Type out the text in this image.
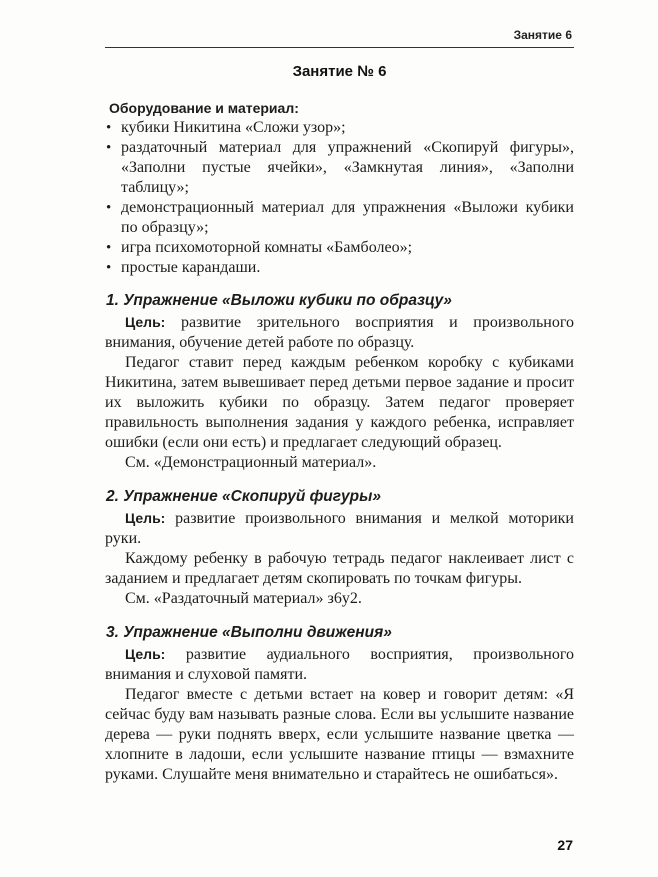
Занятие 6
Занятие № 6
Оборудование и материал:
• кубики Никитина «Сложи узор»;
• раздаточный материал для упражнений «Скопируй фигуры», «Заполни пустые ячейки», «Замкнутая линия», «Заполни таблицу»;
• демонстрационный материал для упражнения «Выложи кубики по образцу»;
• игра психомоторной комнаты «Бамболео»;
• простые карандаши.
1. Упражнение «Выложи кубики по образцу»

Цель: развитие зрительного восприятия и произвольного внимания, обучение детей работе по образцу.

Педагог ставит перед каждым ребенком коробку с кубиками Никитина, затем вывешивает перед детьми первое задание и просит их выложить кубики по образцу. Затем педагог проверяет правильность выполнения задания у каждого ребенка, исправляет ошибки (если они есть) и предлагает следующий образец.

См. «Демонстрационный материал».

2. Упражнение «Скопируй фигуры»

Цель: развитие произвольного внимания и мелкой моторики руки.

Каждому ребенку в рабочую тетрадь педагог наклеивает лист с заданием и предлагает детям скопировать по точкам фигуры.

См. «Раздаточный материал» з6у2.

3. Упражнение «Выполни движения»

Цель: развитие аудиального восприятия, произвольного внимания и слуховой памяти.

Педагог вместе с детьми встает на ковер и говорит детям: «Я сейчас буду вам называть разные слова. Если вы услышите название дерева — руки поднять вверх, если услышите название цветка — хлопните в ладоши, если услышите название птицы — взмахните руками. Слушайте меня внимательно и старайтесь не ошибаться».

27
